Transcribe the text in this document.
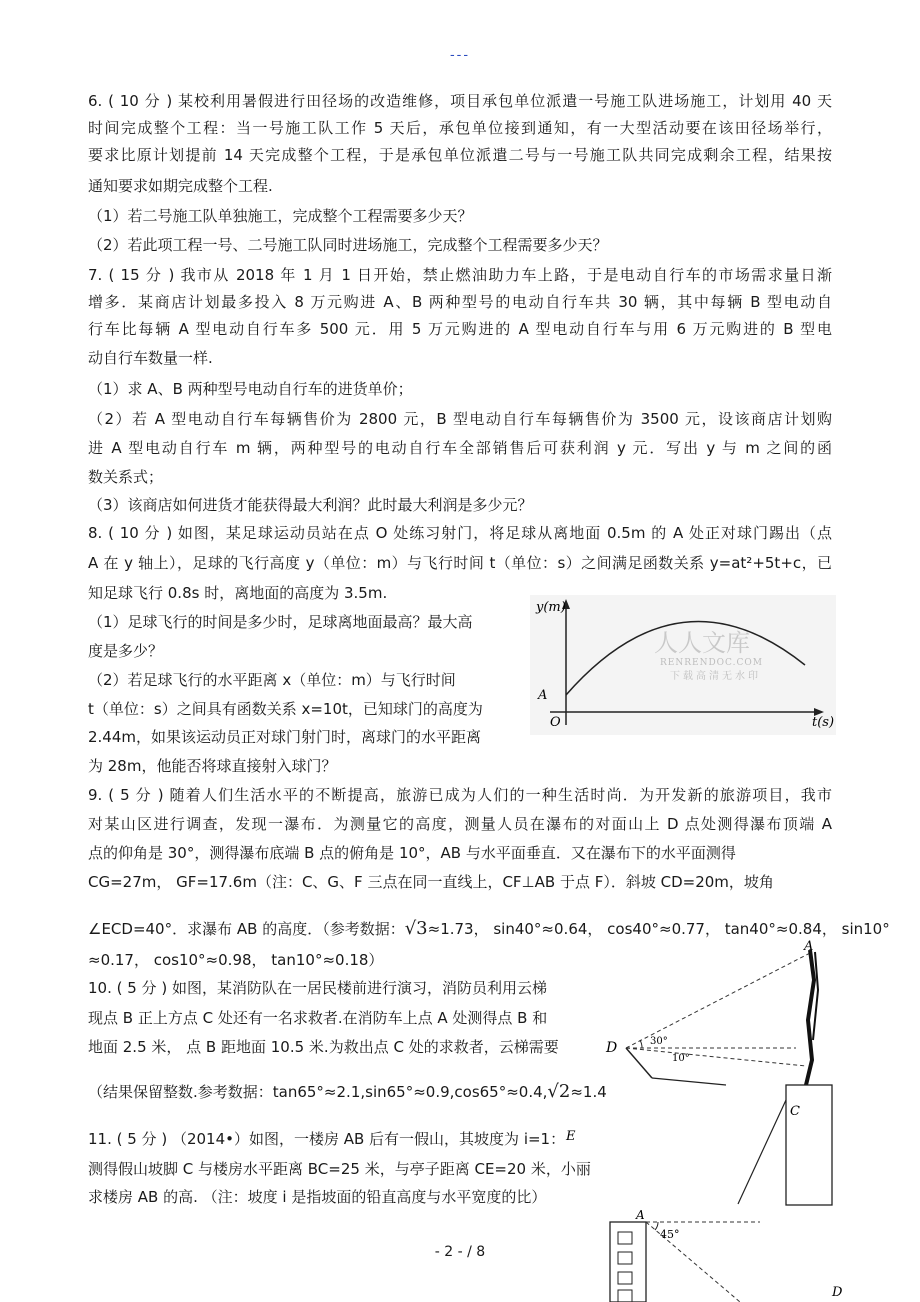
---
6. ( 10 分 ) 某校利用暑假进行田径场的改造维修，项目承包单位派遣一号施工队进场施工，计划用 40 天
时间完成整个工程：当一号施工队工作 5 天后，承包单位接到通知，有一大型活动要在该田径场举行，
要求比原计划提前 14 天完成整个工程，于是承包单位派遣二号与一号施工队共同完成剩余工程，结果按
通知要求如期完成整个工程.
（1）若二号施工队单独施工，完成整个工程需要多少天？
（2）若此项工程一号、二号施工队同时进场施工，完成整个工程需要多少天？
7. ( 15 分 ) 我市从 2018 年 1 月 1 日开始，禁止燃油助力车上路，于是电动自行车的市场需求量日渐
增多．某商店计划最多投入 8 万元购进 A、B 两种型号的电动自行车共 30 辆，其中每辆 B 型电动自
行车比每辆 A 型电动自行车多 500 元．用 5 万元购进的 A 型电动自行车与用 6 万元购进的 B 型电
动自行车数量一样.
（1）求 A、B 两种型号电动自行车的进货单价；
（2）若 A 型电动自行车每辆售价为 2800 元，B 型电动自行车每辆售价为 3500 元，设该商店计划购
进 A 型电动自行车 m 辆，两种型号的电动自行车全部销售后可获利润 y 元．写出 y 与 m 之间的函
数关系式；
（3）该商店如何进货才能获得最大利润？此时最大利润是多少元？
8. ( 10 分 ) 如图，某足球运动员站在点 O 处练习射门，将足球从离地面 0.5m 的 A 处正对球门踢出（点
A 在 y 轴上），足球的飞行高度 y（单位：m）与飞行时间 t（单位：s）之间满足函数关系 y=at²+5t+c，已
知足球飞行 0.8s 时，离地面的高度为 3.5m.
（1）足球飞行的时间是多少时，足球离地面最高？最大高
度是多少？
（2）若足球飞行的水平距离 x（单位：m）与飞行时间
t（单位：s）之间具有函数关系 x=10t，已知球门的高度为
2.44m，如果该运动员正对球门射门时，离球门的水平距离
为 28m，他能否将球直接射入球门？
y(m)
t(s)
A
O
人人文库
RENRENDOC.COM
下载高清无水印
9. ( 5 分 ) 随着人们生活水平的不断提高，旅游已成为人们的一种生活时尚．为开发新的旅游项目，我市
对某山区进行调查，发现一瀑布．为测量它的高度，测量人员在瀑布的对面山上 D 点处测得瀑布顶端 A
点的仰角是 30°，测得瀑布底端 B 点的俯角是 10°，AB 与水平面垂直．又在瀑布下的水平面测得
CG=27m， GF=17.6m（注：C、G、F 三点在同一直线上，CF⊥AB 于点 F）．斜坡 CD=20m，坡角
∠ECD=40°．求瀑布 AB 的高度．（参考数据：√3≈1.73， sin40°≈0.64， cos40°≈0.77， tan40°≈0.84， sin10°
≈0.17， cos10°≈0.98， tan10°≈0.18）
10. ( 5 分 ) 如图，某消防队在一居民楼前进行演习，消防员利用云梯
现点 B 正上方点 C 处还有一名求救者.在消防车上点 A 处测得点 B 和
地面 2.5 米， 点 B 距地面 10.5 米.为救出点 C 处的求救者，云梯需要
（结果保留整数.参考数据：tan65°≈2.1,sin65°≈0.9,cos65°≈0.4,√2≈1.4
11. ( 5 分 ) （2014•）如图，一楼房 AB 后有一假山，其坡度为 i=1：
测得假山坡脚 C 与楼房水平距离 BC=25 米，与亭子距离 CE=20 米，小丽
求楼房 AB 的高. （注：坡度 i 是指坡面的铅直高度与水平宽度的比）
A
D	30°
10°
C
E
A
45°
D
- 2 - / 8
